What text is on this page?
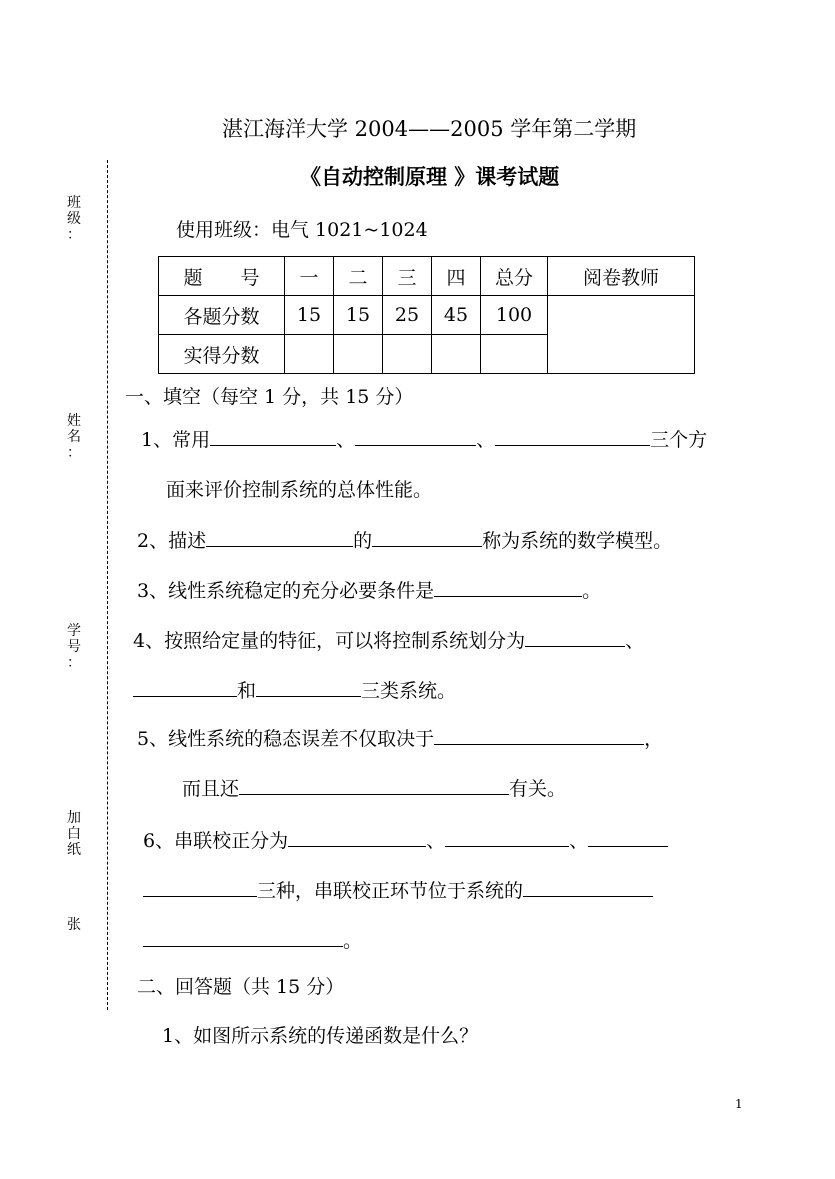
湛江海洋大学 2004——2005 学年第二学期
《自动控制原理 》课考试题
班
级
：
姓
名
：
学
号
：
加
白
纸
张
使用班级：电气 1021~1024
题　　号	一	二	三	四	总分	阅卷教师
各题分数	15	15	25	45	100	
实得分数						
一、填空（每空 1 分，共 15 分）
1、常用	、	、	三个方
面来评价控制系统的总体性能。
2、描述	的	称为系统的数学模型。
3、线性系统稳定的充分必要条件是	。
4、按照给定量的特征，可以将控制系统划分为	、
和	三类系统。
5、线性系统的稳态误差不仅取决于	，
而且还	有关。
6、串联校正分为	、	、
三种，串联校正环节位于系统的
。
二、回答题（共 15 分）
1、如图所示系统的传递函数是什么？
1
